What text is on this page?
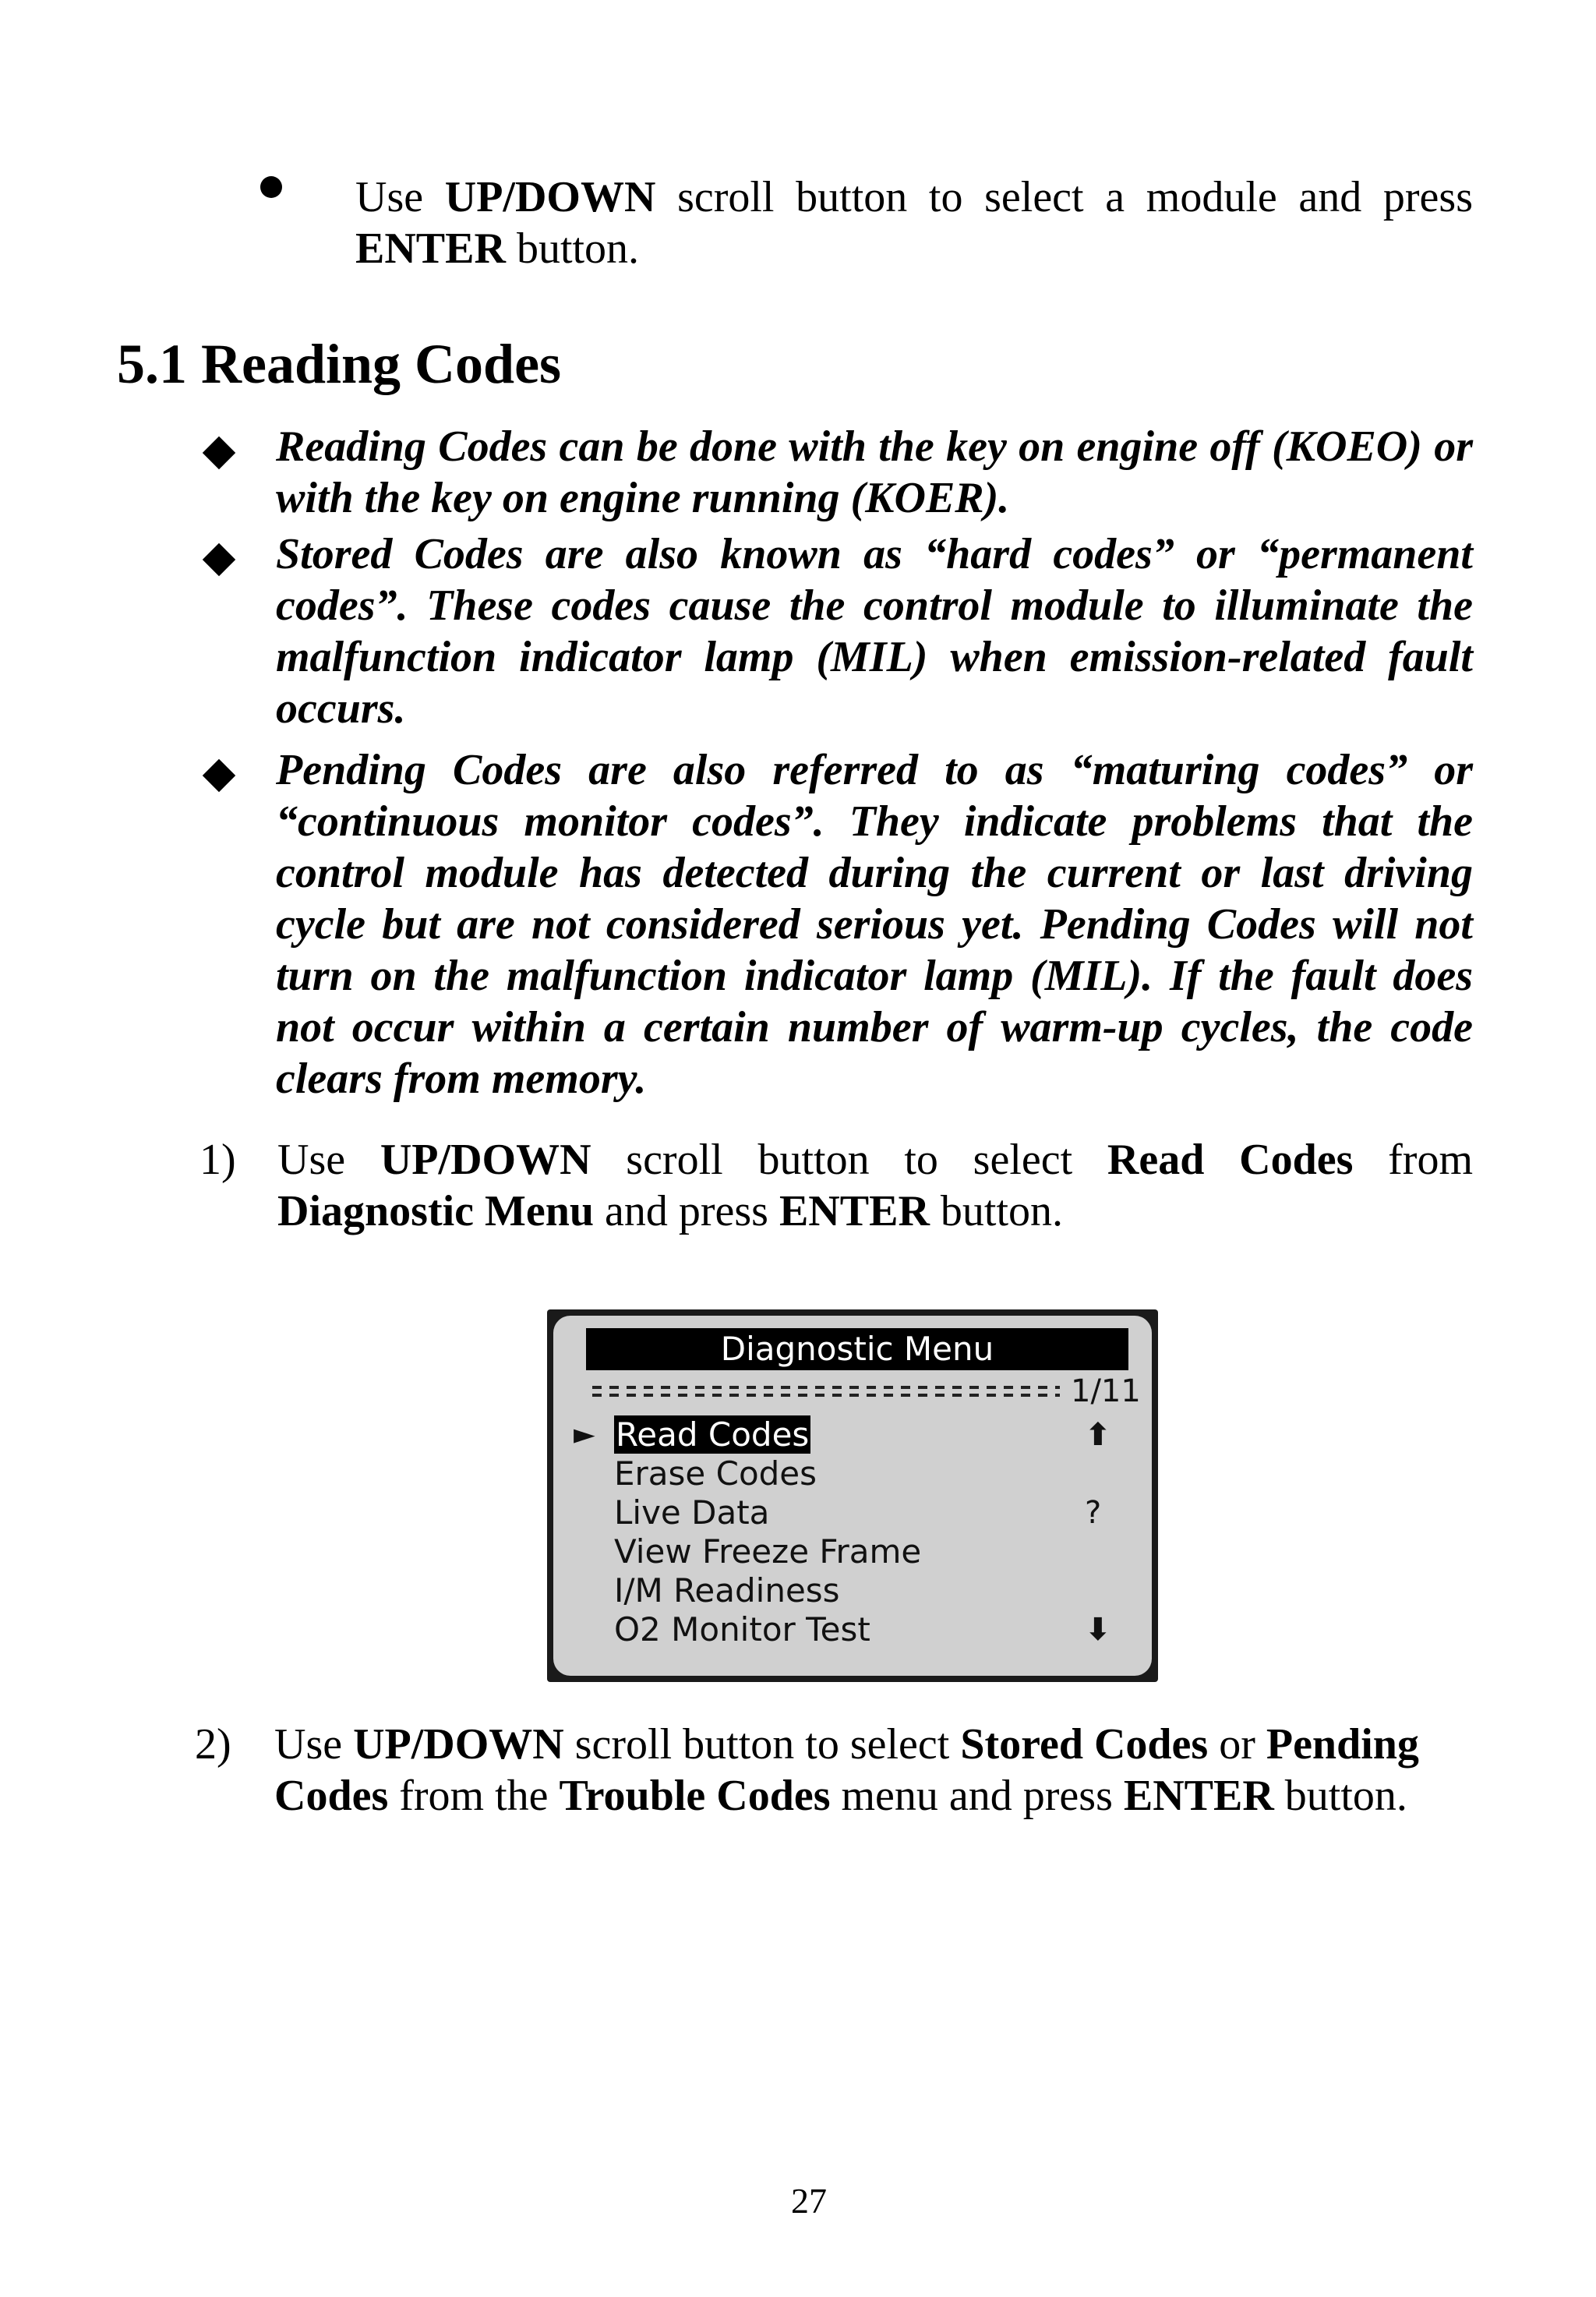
Use UP/DOWN scroll button to select a module and press ENTER button.
5.1 Reading Codes
Reading Codes can be done with the key on engine off (KOEO) or with the key on engine running (KOER).
Stored Codes are also known as “hard codes” or “permanent codes”. These codes cause the control module to illuminate the malfunction indicator lamp (MIL) when emission-related fault occurs.
Pending Codes are also referred to as “maturing codes” or “continuous monitor codes”. They indicate problems that the control module has detected during the current or last driving cycle but are not considered serious yet. Pending Codes will not turn on the malfunction indicator lamp (MIL). If the fault does not occur within a certain number of warm-up cycles, the code clears from memory.
1) Use UP/DOWN scroll button to select Read Codes from Diagnostic Menu and press ENTER button.
Diagnostic Menu
1/11
► Read Codes
Erase Codes
Live Data
View Freeze Frame
I/M Readiness
O2 Monitor Test
⬆
?
⬇
2) Use UP/DOWN scroll button to select Stored Codes or Pending Codes from the Trouble Codes menu and press ENTER button.
27
